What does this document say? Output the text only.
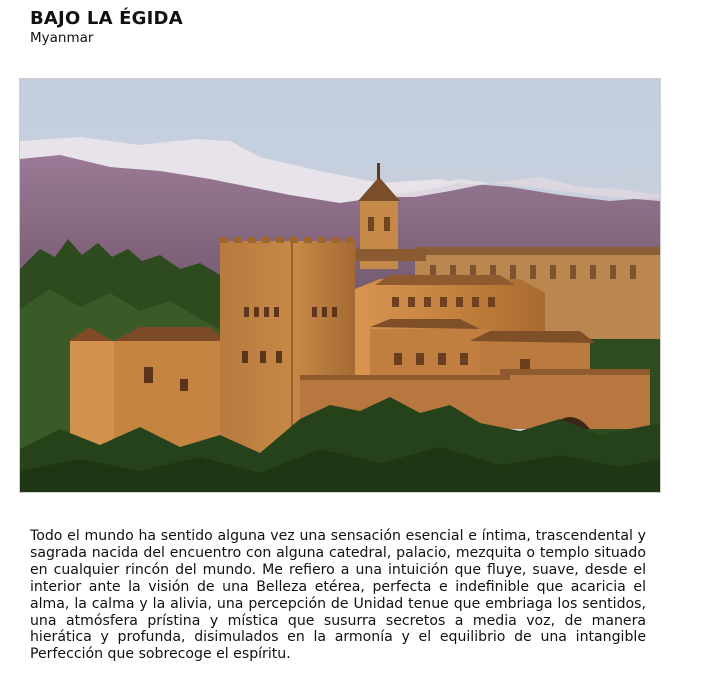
BAJO LA ÉGIDA
Myanmar

Todo el mundo ha sentido alguna vez una sensación esencial e íntima, trascendental y sagrada nacida del encuentro con alguna catedral, palacio, mezquita o templo situado en cualquier rincón del mundo. Me refiero a una intuición que fluye, suave, desde el interior ante la visión de una Belleza etérea, perfecta e indefinible que acaricia el alma, la calma y la alivia, una percepción de Unidad tenue que embriaga los sentidos, una atmósfera prístina y mística que susurra secretos a media voz, de manera hierática y profunda, disimulados en la armonía y el equilibrio de una intangible Perfección que sobrecoge el espíritu.
